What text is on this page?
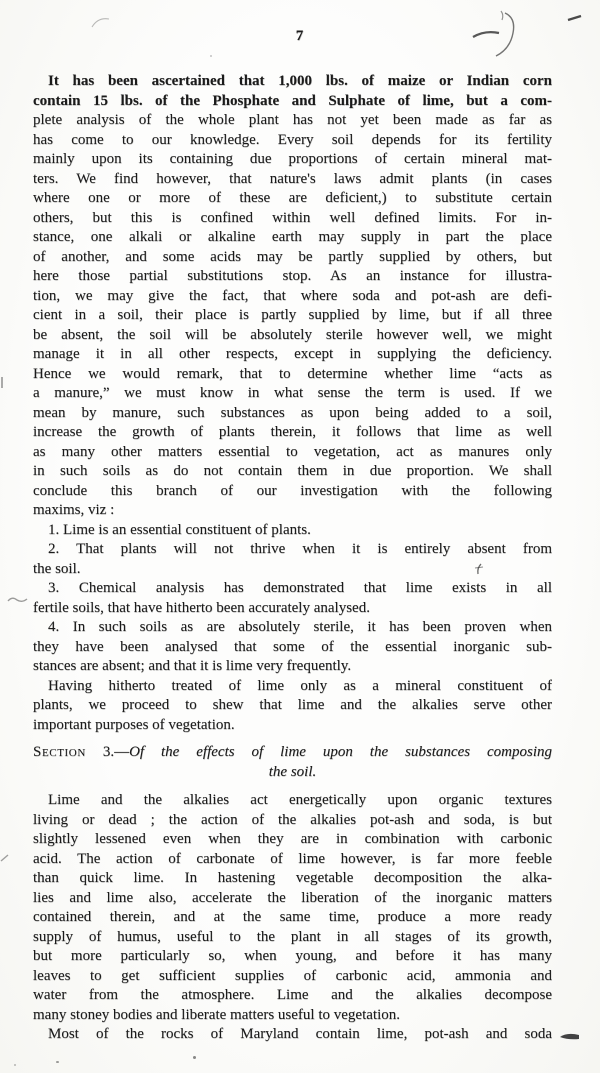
7
It has been ascertained that 1,000 lbs. of maize or Indian corn
contain 15 lbs. of the Phosphate and Sulphate of lime, but a com-
plete analysis of the whole plant has not yet been made as far as
has come to our knowledge. Every soil depends for its fertility
mainly upon its containing due proportions of certain mineral mat-
ters. We find however, that nature's laws admit plants (in cases
where one or more of these are deficient,) to substitute certain
others, but this is confined within well defined limits. For in-
stance, one alkali or alkaline earth may supply in part the place
of another, and some acids may be partly supplied by others, but
here those partial substitutions stop. As an instance for illustra-
tion, we may give the fact, that where soda and pot-ash are defi-
cient in a soil, their place is partly supplied by lime, but if all three
be absent, the soil will be absolutely sterile however well, we might
manage it in all other respects, except in supplying the deficiency.
Hence we would remark, that to determine whether lime “acts as
a manure,” we must know in what sense the term is used. If we
mean by manure, such substances as upon being added to a soil,
increase the growth of plants therein, it follows that lime as well
as many other matters essential to vegetation, act as manures only
in such soils as do not contain them in due proportion. We shall
conclude this branch of our investigation with the following
maxims, viz :
1. Lime is an essential constituent of plants.
2. That plants will not thrive when it is entirely absent from
the soil.
3. Chemical analysis has demonstrated that lime exists in all
fertile soils, that have hitherto been accurately analysed.
4. In such soils as are absolutely sterile, it has been proven when
they have been analysed that some of the essential inorganic sub-
stances are absent; and that it is lime very frequently.
Having hitherto treated of lime only as a mineral constituent of
plants, we proceed to shew that lime and the alkalies serve other
important purposes of vegetation.
Section 3.—Of the effects of lime upon the substances composing
the soil.
Lime and the alkalies act energetically upon organic textures
living or dead ; the action of the alkalies pot-ash and soda, is but
slightly lessened even when they are in combination with carbonic
acid. The action of carbonate of lime however, is far more feeble
than quick lime. In hastening vegetable decomposition the alka-
lies and lime also, accelerate the liberation of the inorganic matters
contained therein, and at the same time, produce a more ready
supply of humus, useful to the plant in all stages of its growth,
but more particularly so, when young, and before it has many
leaves to get sufficient supplies of carbonic acid, ammonia and
water from the atmosphere. Lime and the alkalies decompose
many stoney bodies and liberate matters useful to vegetation.
Most of the rocks of Maryland contain lime, pot-ash and soda
